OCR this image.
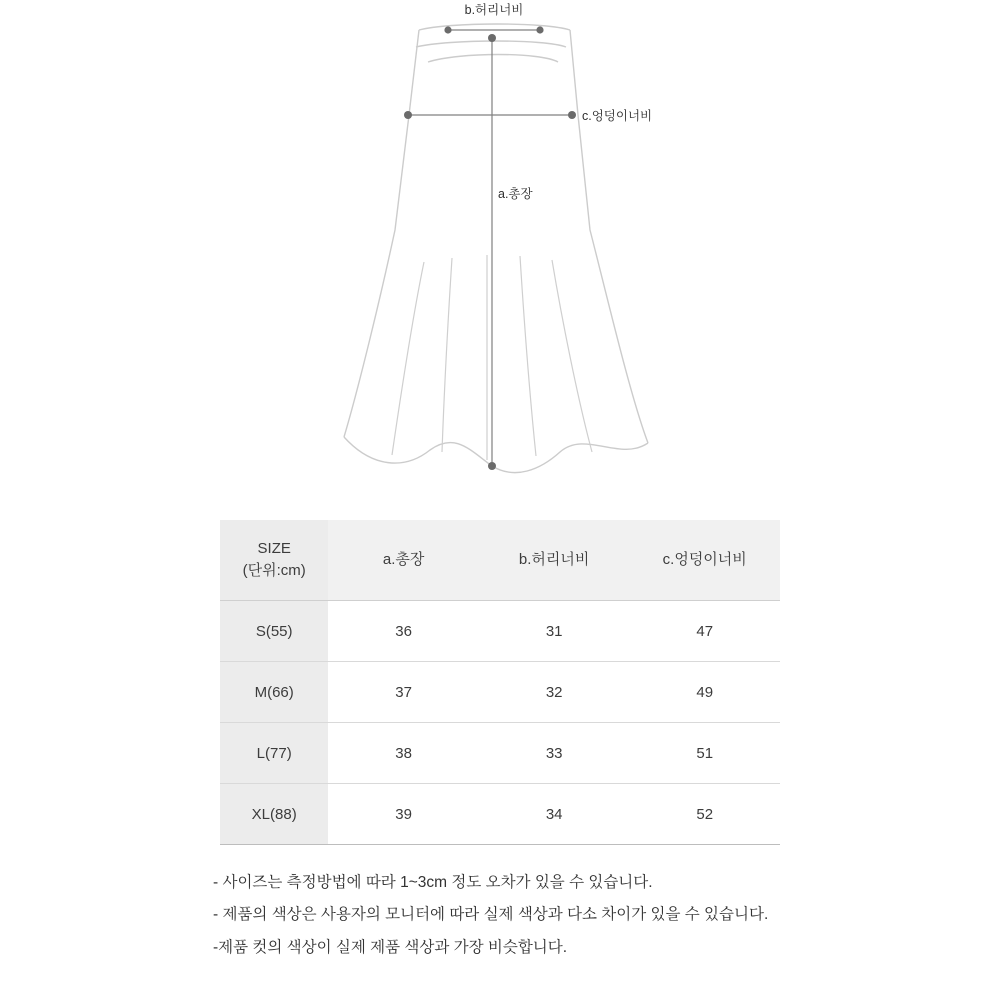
b.허리너비
c.엉덩이너비
a.총장
SIZE
(단위:cm)	a.총장	b.허리너비	c.엉덩이너비
S(55)	36	31	47
M(66)	37	32	49
L(77)	38	33	51
XL(88)	39	34	52

- 사이즈는 측정방법에 따라 1~3cm 정도 오차가 있을 수 있습니다.

- 제품의 색상은 사용자의 모니터에 따라 실제 색상과 다소 차이가 있을 수 있습니다.

-제품 컷의 색상이 실제 제품 색상과 가장 비슷합니다.
